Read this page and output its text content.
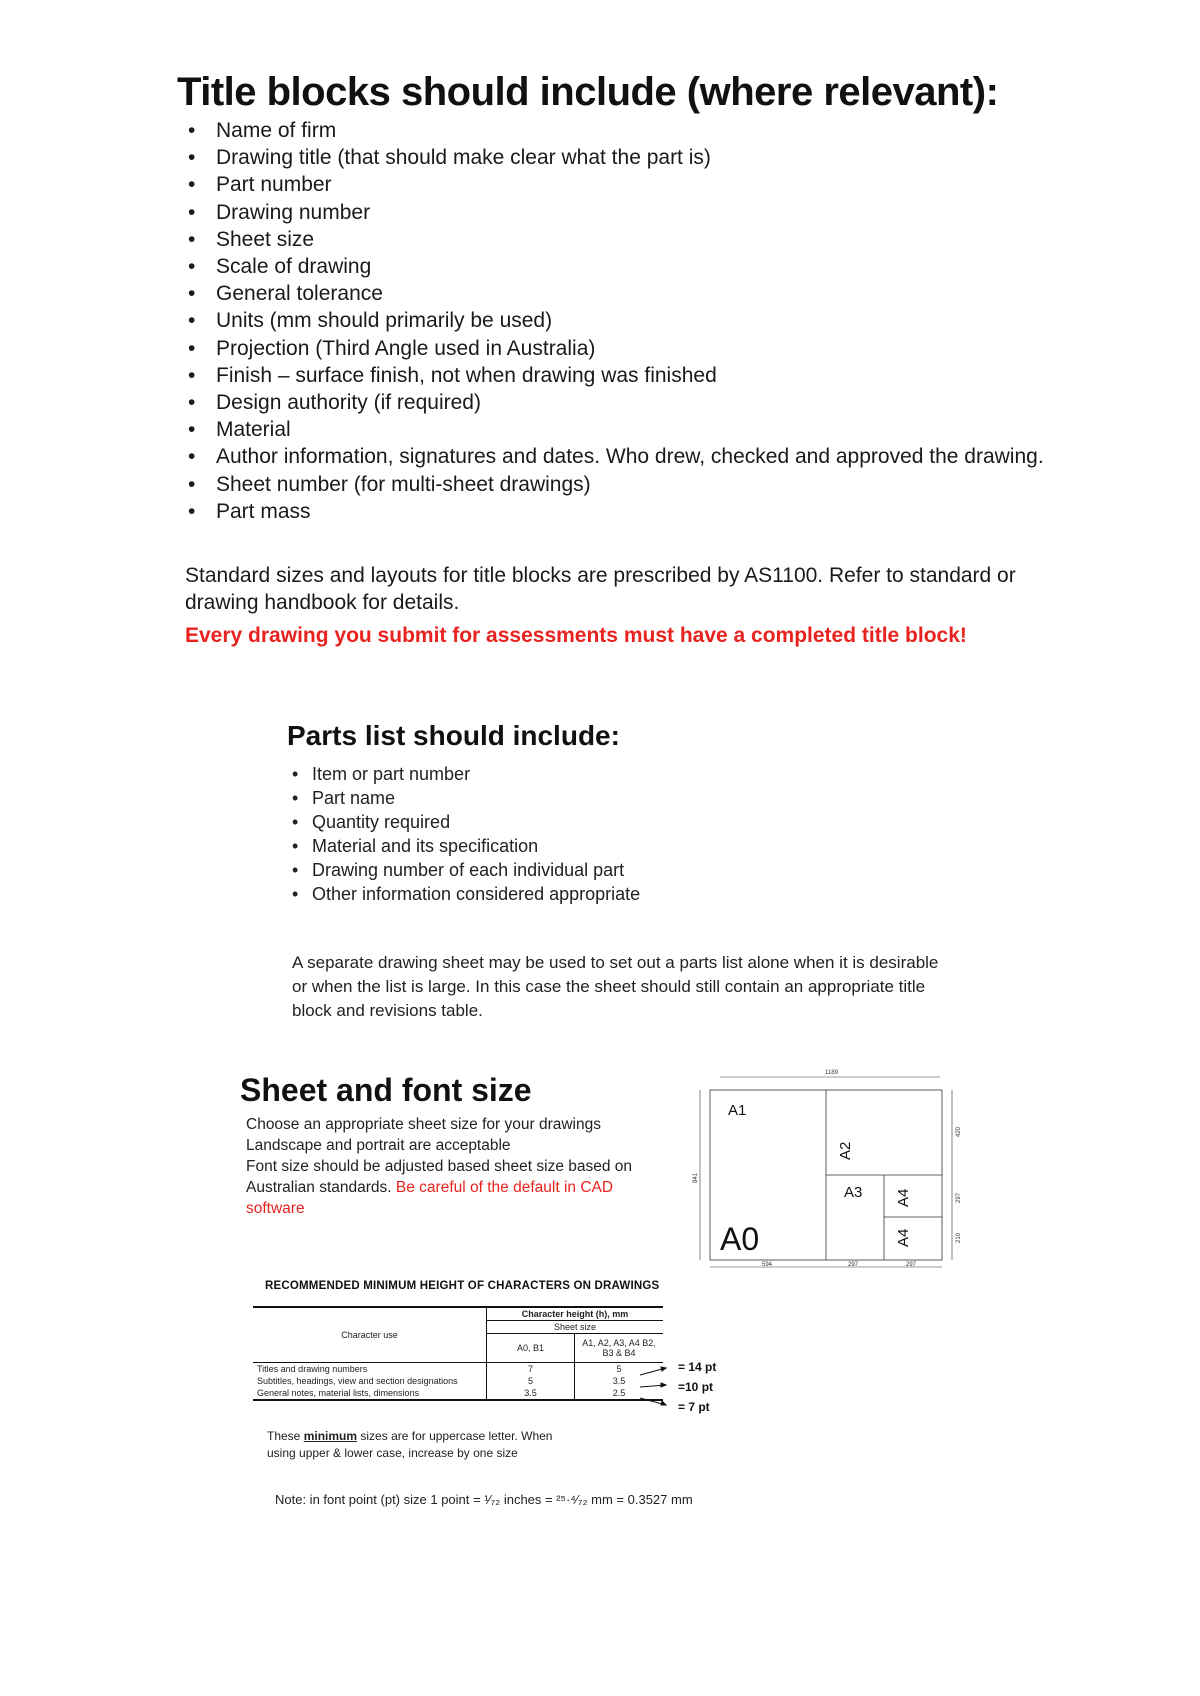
Title blocks should include (where relevant):
• Name of firm
• Drawing title (that should make clear what the part is)
• Part number
• Drawing number
• Sheet size
• Scale of drawing
• General tolerance
• Units (mm should primarily be used)
• Projection (Third Angle used in Australia)
• Finish – surface finish, not when drawing was finished
• Design authority (if required)
• Material
• Author information, signatures and dates. Who drew, checked and approved the drawing.
• Sheet number (for multi-sheet drawings)
• Part mass
Standard sizes and layouts for title blocks are prescribed by AS1100. Refer to standard or drawing handbook for details.
Every drawing you submit for assessments must have a completed title block!
Parts list should include:
• Item or part number
• Part name
• Quantity required
• Material and its specification
• Drawing number of each individual part
• Other information considered appropriate
A separate drawing sheet may be used to set out a parts list alone when it is desirable or when the list is large. In this case the sheet should still contain an appropriate title block and revisions table.
Sheet and font size
Choose an appropriate sheet size for your drawings
Landscape and portrait are acceptable
Font size should be adjusted based sheet size based on Australian standards. Be careful of the default in CAD software
A1
A0
A3
A2
A4
A4
1189
841
420
297
210
594	297	297
RECOMMENDED MINIMUM HEIGHT OF CHARACTERS ON DRAWINGS
Character use	Character height (h), mm	
	Sheet size	
	A0, B1	A1, A2, A3, A4 B2, B3 & B4
Titles and drawing numbers	7	5
Subtitles, headings, view and section designations	5	3.5
General notes, material lists, dimensions	3.5	2.5
= 14 pt
=10 pt
= 7 pt
These minimum sizes are for uppercase letter. When using upper & lower case, increase by one size
Note: in font point (pt) size 1 point = ¹⁄₇₂ inches = ²⁵·⁴⁄₇₂ mm = 0.3527 mm
